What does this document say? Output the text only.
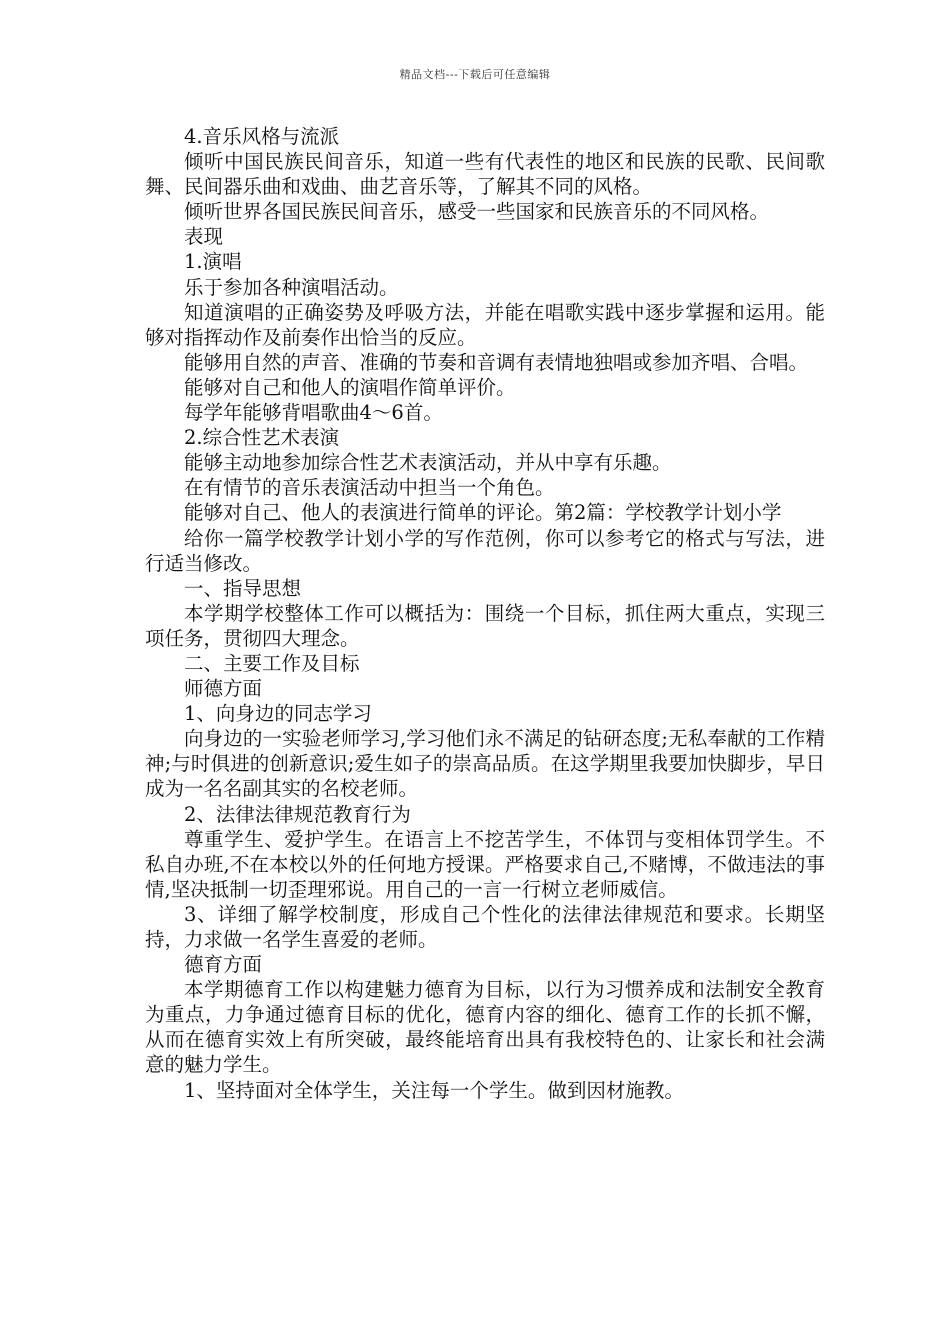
精品文档---下载后可任意编辑

4.音乐风格与流派

倾听中国民族民间音乐，知道一些有代表性的地区和民族的民歌、民间歌舞、民间器乐曲和戏曲、曲艺音乐等，了解其不同的风格。

倾听世界各国民族民间音乐，感受一些国家和民族音乐的不同风格。

表现

1.演唱

乐于参加各种演唱活动。

知道演唱的正确姿势及呼吸方法，并能在唱歌实践中逐步掌握和运用。能够对指挥动作及前奏作出恰当的反应。

能够用自然的声音、准确的节奏和音调有表情地独唱或参加齐唱、合唱。

能够对自己和他人的演唱作简单评价。

每学年能够背唱歌曲4～6首。

2.综合性艺术表演

能够主动地参加综合性艺术表演活动，并从中享有乐趣。

在有情节的音乐表演活动中担当一个角色。

能够对自己、他人的表演进行简单的评论。第2篇：学校教学计划小学

给你一篇学校教学计划小学的写作范例，你可以参考它的格式与写法，进行适当修改。

一、指导思想

本学期学校整体工作可以概括为：围绕一个目标，抓住两大重点，实现三项任务，贯彻四大理念。

二、主要工作及目标

师德方面

1、向身边的同志学习

向身边的一实验老师学习,学习他们永不满足的钻研态度;无私奉献的工作精神;与时俱进的创新意识;爱生如子的崇高品质。在这学期里我要加快脚步，早日成为一名名副其实的名校老师。

2、法律法律规范教育行为

尊重学生、爱护学生。在语言上不挖苦学生，不体罚与变相体罚学生。不私自办班,不在本校以外的任何地方授课。严格要求自己,不赌博，不做违法的事情,坚决抵制一切歪理邪说。用自己的一言一行树立老师威信。

3、详细了解学校制度，形成自己个性化的法律法律规范和要求。长期坚持，力求做一名学生喜爱的老师。

德育方面

本学期德育工作以构建魅力德育为目标，以行为习惯养成和法制安全教育为重点，力争通过德育目标的优化，德育内容的细化、德育工作的长抓不懈，从而在德育实效上有所突破，最终能培育出具有我校特色的、让家长和社会满意的魅力学生。

1、坚持面对全体学生，关注每一个学生。做到因材施教。
